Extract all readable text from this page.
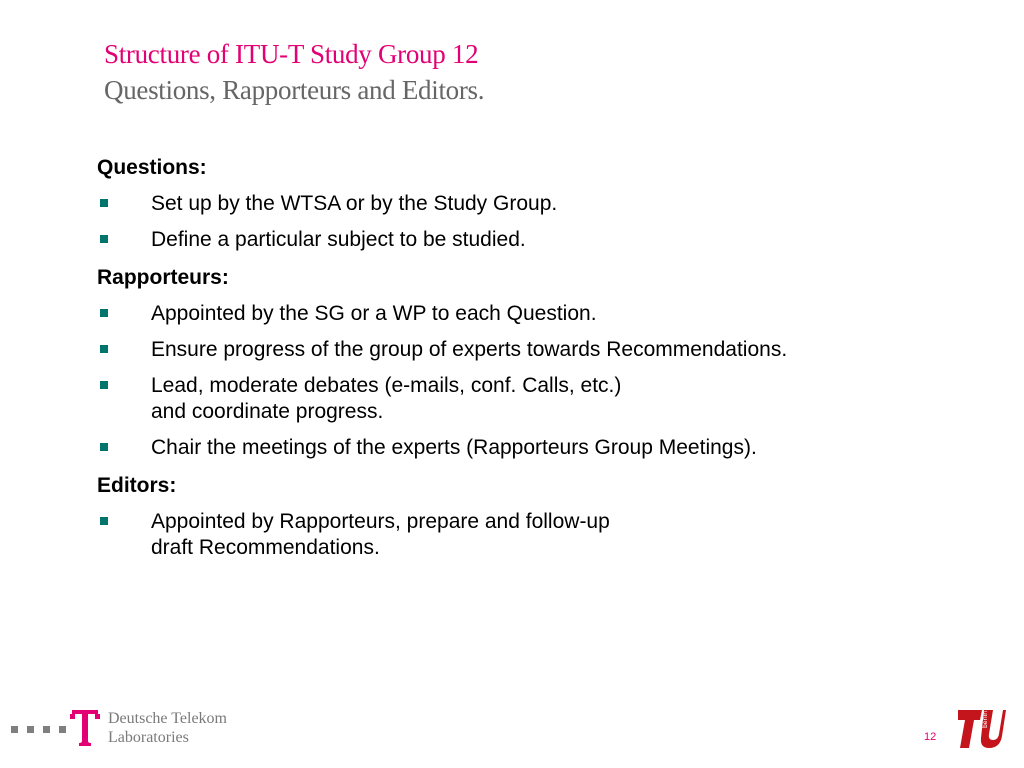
Structure of ITU-T Study Group 12
Questions, Rapporteurs and Editors.
Questions:
Set up by the WTSA or by the Study Group.
Define a particular subject to be studied.
Rapporteurs:
Appointed by the SG or a WP to each Question.
Ensure progress of the group of experts towards Recommendations.
Lead, moderate debates (e-mails, conf. Calls, etc.)
and coordinate progress.
Chair the meetings of the experts (Rapporteurs Group Meetings).
Editors:
Appointed by Rapporteurs, prepare and follow-up
draft Recommendations.
Deutsche Telekom
Laboratories	12
berlin
